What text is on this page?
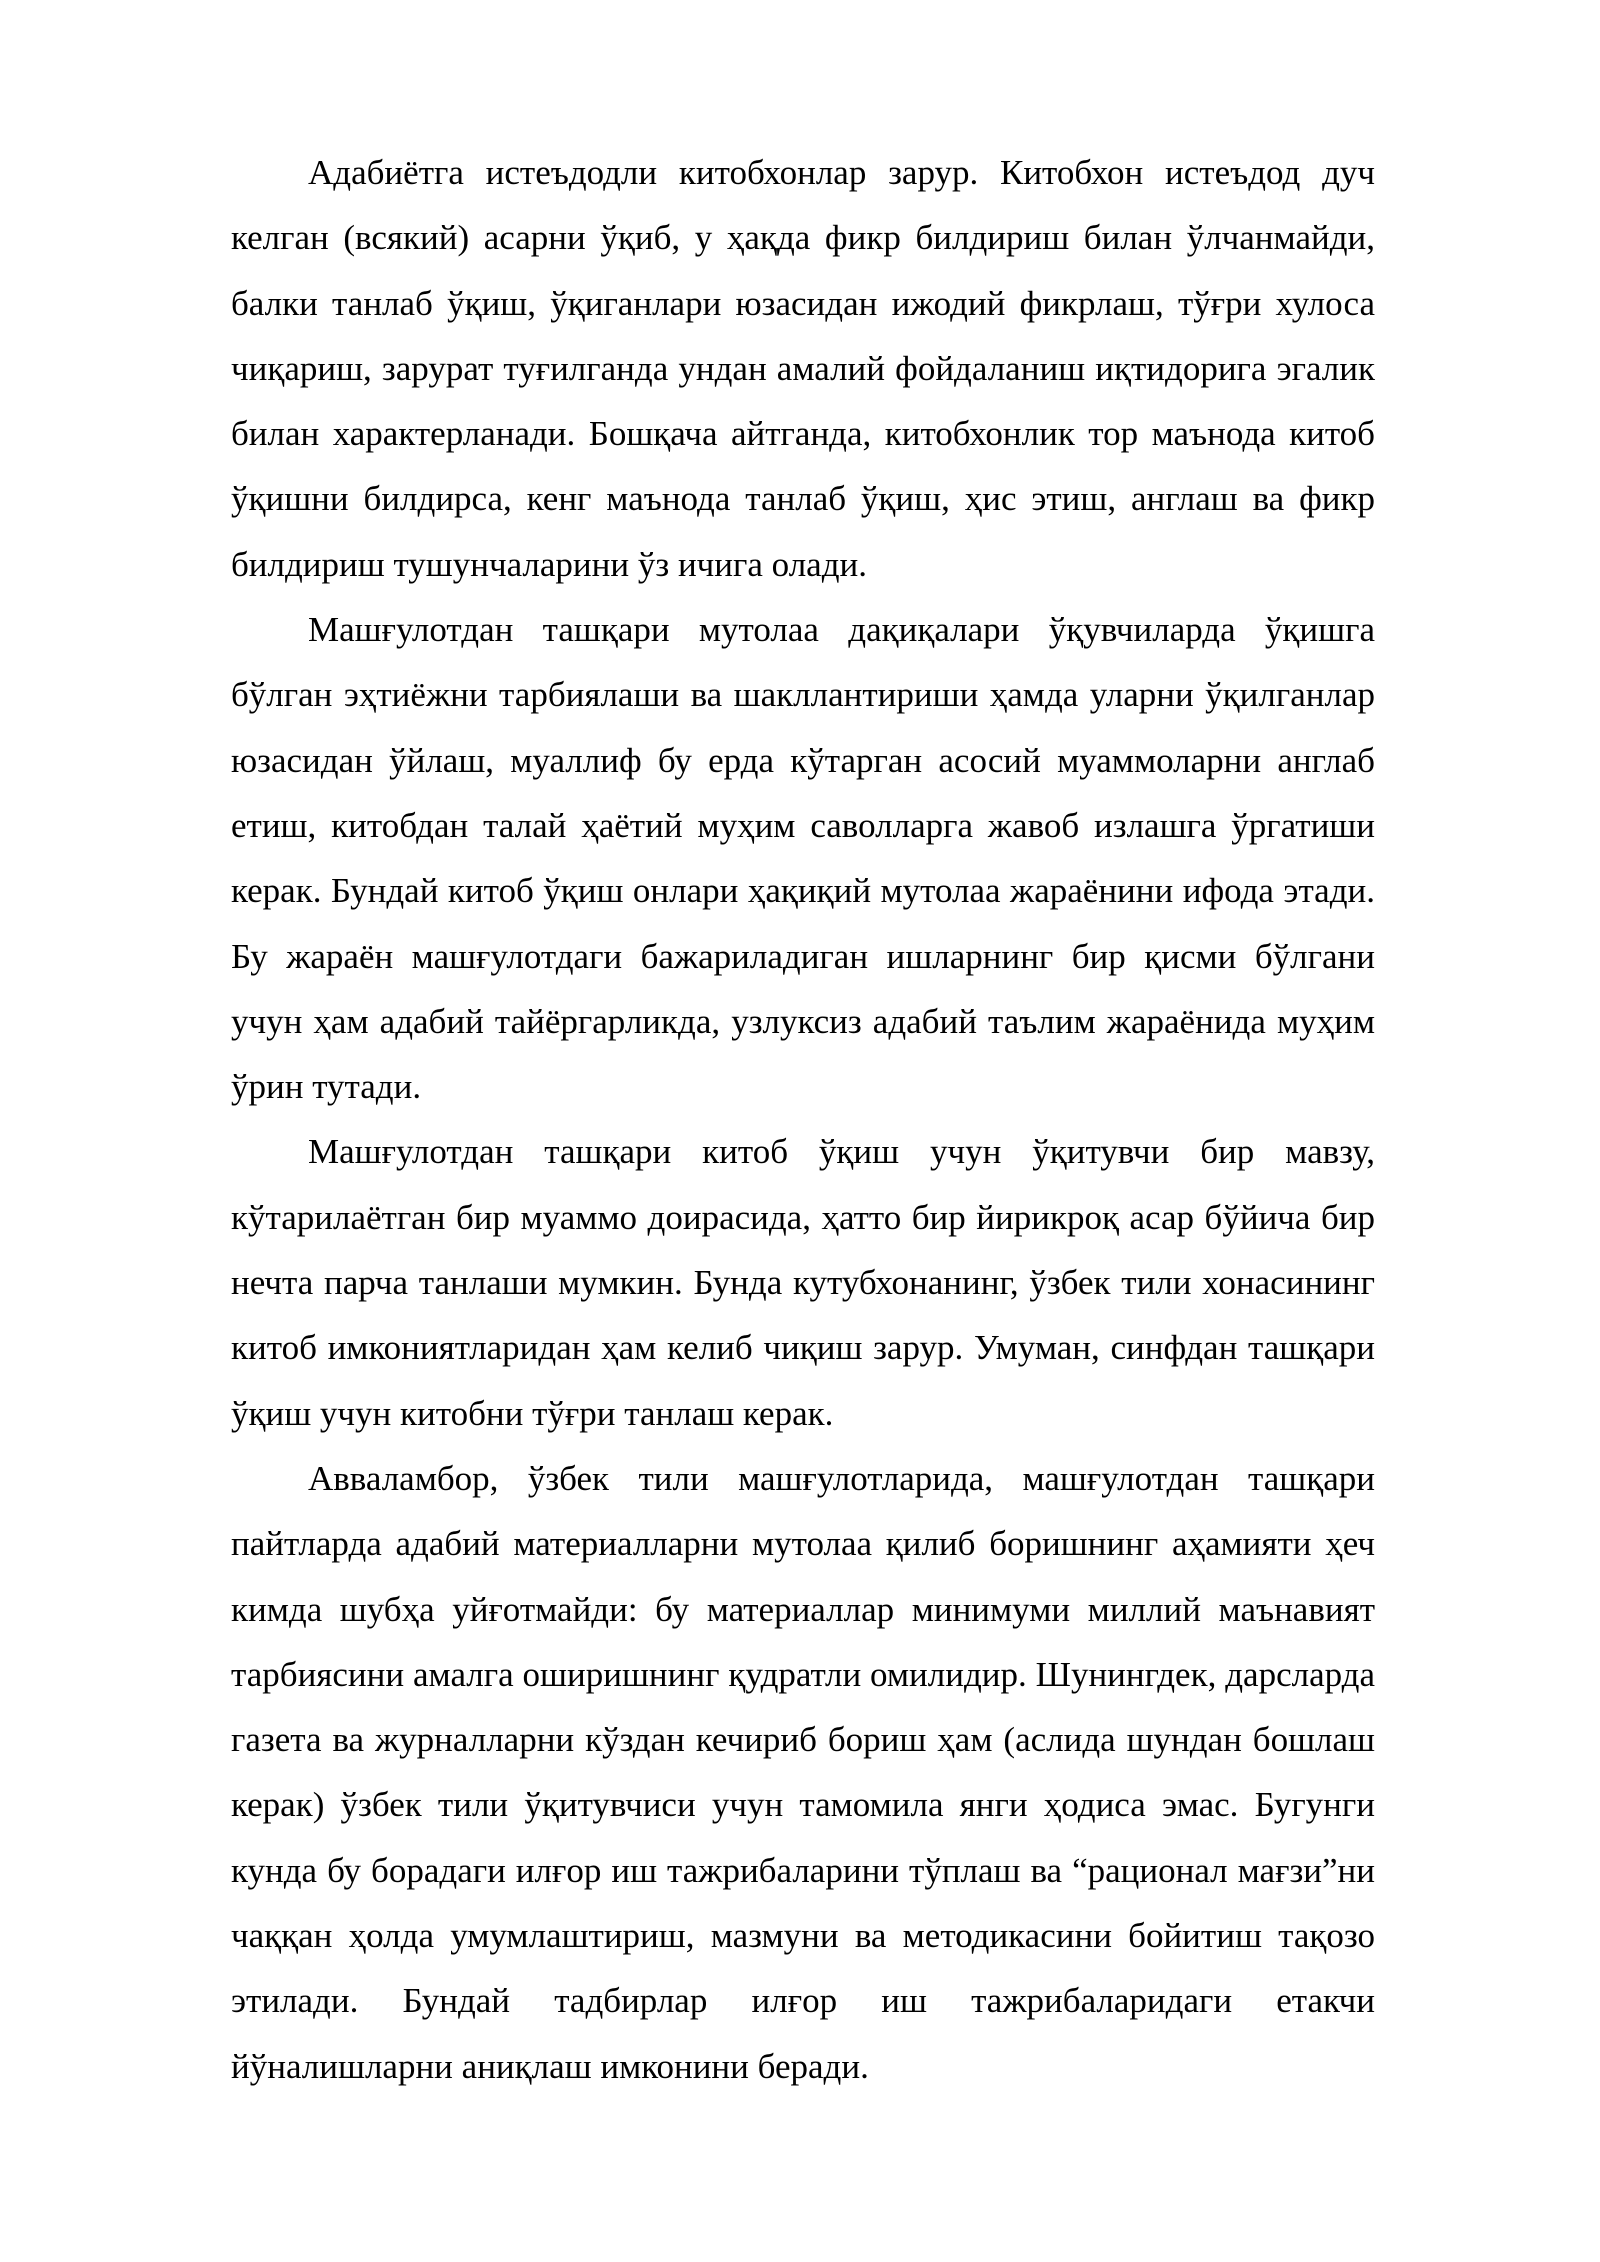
Адабиётга истеъдодли китобхонлар зарур. Китобхон истеъдод дуч келган (всякий) асарни ўқиб, у ҳақда фикр билдириш билан ўлчанмайди, балки танлаб ўқиш, ўқиганлари юзасидан ижодий фикрлаш, тўғри хулоса чиқариш, зарурат туғилганда ундан амалий фойдаланиш иқтидорига эгалик билан характерланади. Бошқача айтганда, китобхонлик тор маънода китоб ўқишни билдирса, кенг маънода танлаб ўқиш, ҳис этиш, англаш ва фикр билдириш тушунчаларини ўз ичига олади.

Машғулотдан ташқари мутолаа дақиқалари ўқувчиларда ўқишга бўлган эҳтиёжни тарбиялаши ва шакллантириши ҳамда уларни ўқилганлар юзасидан ўйлаш, муаллиф бу ерда кўтарган асосий муаммоларни англаб етиш, китобдан талай ҳаётий муҳим саволларга жавоб излашга ўргатиши керак. Бундай китоб ўқиш онлари ҳақиқий мутолаа жараёнини ифода этади. Бу жараён машғулотдаги бажариладиган ишларнинг бир қисми бўлгани учун ҳам адабий тайёргарликда, узлуксиз адабий таълим жараёнида муҳим ўрин тутади.

Машғулотдан ташқари китоб ўқиш учун ўқитувчи бир мавзу, кўтарилаётган бир муаммо доирасида, ҳатто бир йирикроқ асар бўйича бир нечта парча танлаши мумкин. Бунда кутубхонанинг, ўзбек тили хонасининг китоб имкониятларидан ҳам келиб чиқиш зарур. Умуман, синфдан ташқари ўқиш учун китобни тўғри танлаш керак.

Авваламбор, ўзбек тили машғулотларида, машғулотдан ташқари пайтларда адабий материалларни мутолаа қилиб боришнинг аҳамияти ҳеч кимда шубҳа уйғотмайди: бу материаллар минимуми миллий маънавият тарбиясини амалга оширишнинг қудратли омилидир. Шунингдек, дарсларда газета ва журналларни кўздан кечириб бориш ҳам (аслида шундан бошлаш керак) ўзбек тили ўқитувчиси учун тамомила янги ҳодиса эмас. Бугунги кунда бу борадаги илғор иш тажрибаларини тўплаш ва “рационал мағзи”ни чаққан ҳолда умумлаштириш, мазмуни ва методикасини бойитиш тақозо этилади. Бундай тадбирлар илғор иш тажрибаларидаги етакчи йўналишларни аниқлаш имконини беради.
